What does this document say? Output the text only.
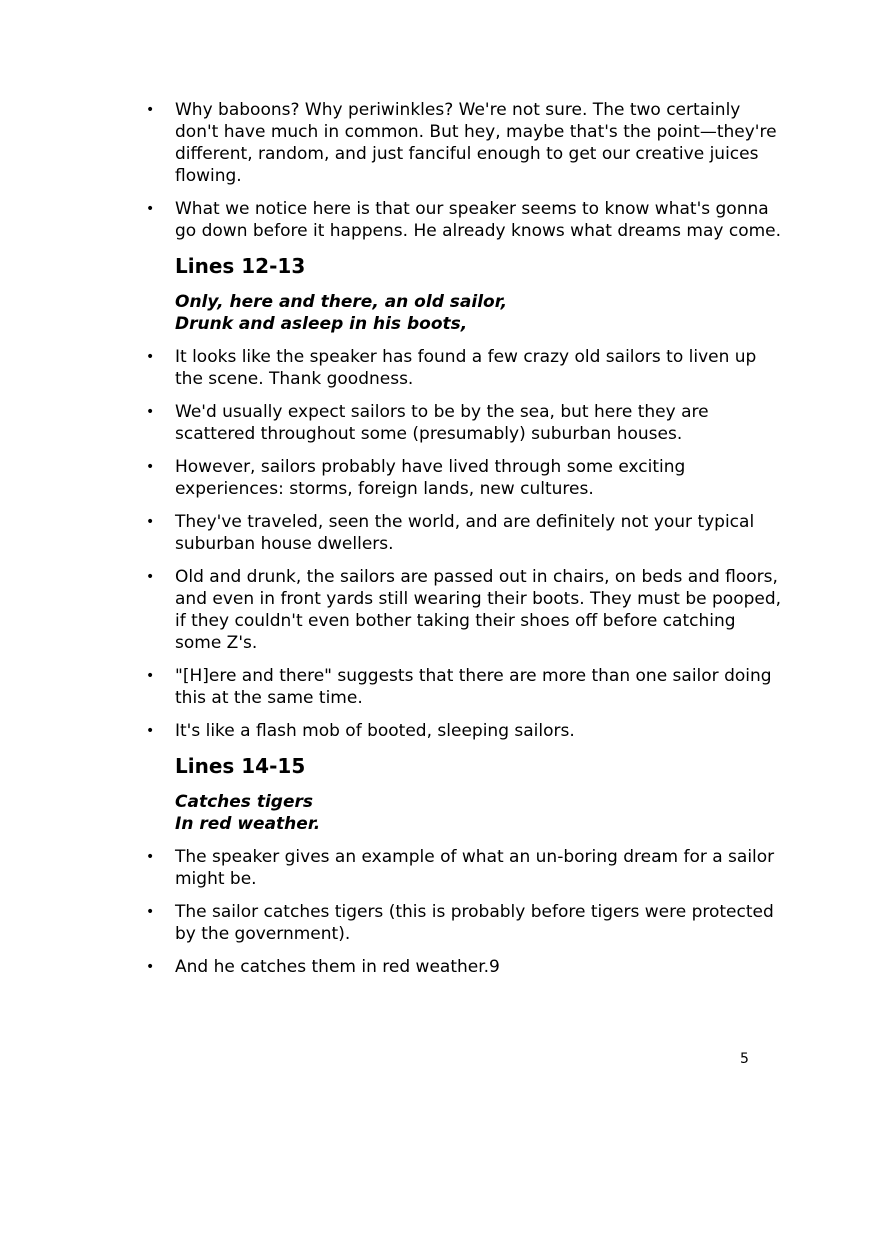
•	Why baboons? Why periwinkles? We're not sure. The two certainly don't have much in common. But hey, maybe that's the point—they're different, random, and just fanciful enough to get our creative juices flowing.
•	What we notice here is that our speaker seems to know what's gonna go down before it happens. He already knows what dreams may come.
Lines 12-13
Only, here and there, an old sailor,
Drunk and asleep in his boots,
•	It looks like the speaker has found a few crazy old sailors to liven up the scene. Thank goodness.
•	We'd usually expect sailors to be by the sea, but here they are scattered throughout some (presumably) suburban houses.
•	However, sailors probably have lived through some exciting experiences: storms, foreign lands, new cultures.
•	They've traveled, seen the world, and are definitely not your typical suburban house dwellers.
•	Old and drunk, the sailors are passed out in chairs, on beds and floors, and even in front yards still wearing their boots. They must be pooped, if they couldn't even bother taking their shoes off before catching some Z's.
•	"[H]ere and there" suggests that there are more than one sailor doing this at the same time.
•	It's like a flash mob of booted, sleeping sailors.
Lines 14-15
Catches tigers
In red weather.
•	The speaker gives an example of what an un-boring dream for a sailor might be.
•	The sailor catches tigers (this is probably before tigers were protected by the government).
•	And he catches them in red weather.9
5
